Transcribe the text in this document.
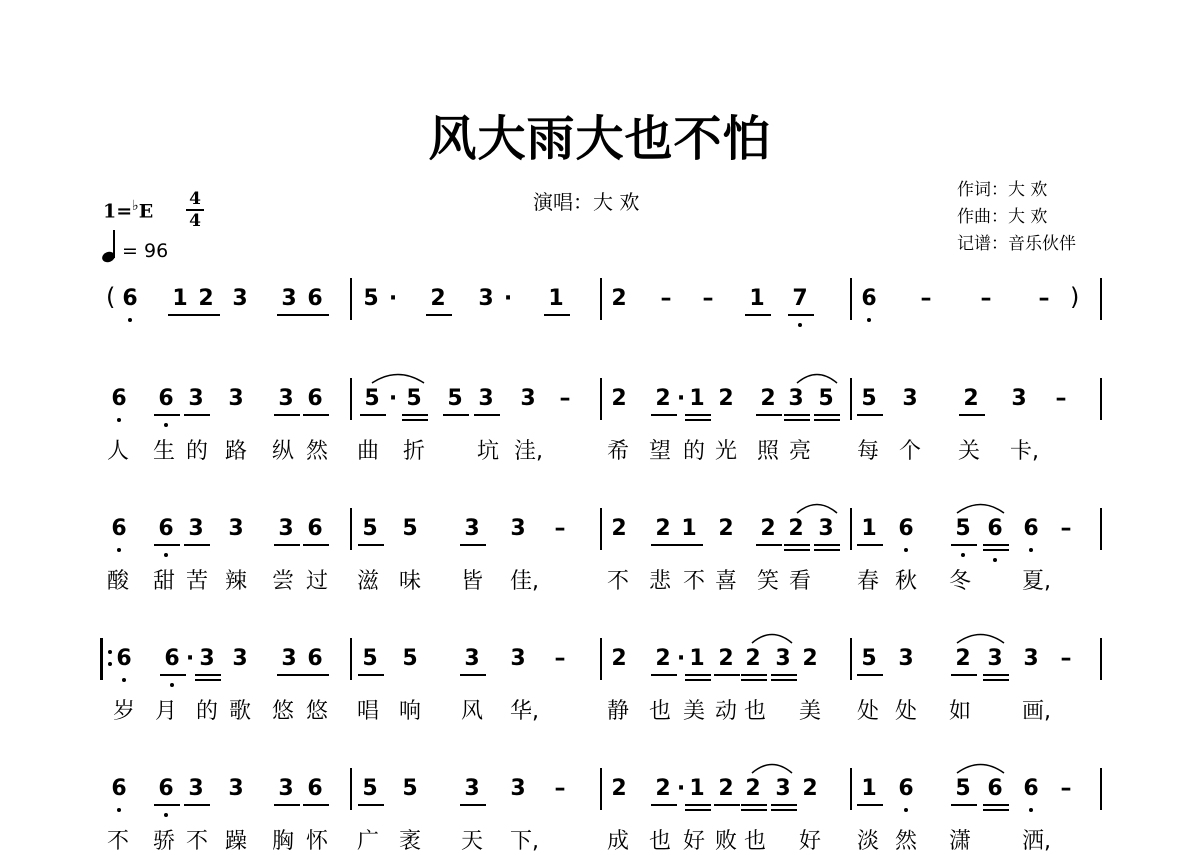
风大雨大也不怕
演唱：大 欢	作词：大 欢
作曲：大 欢
记谱：音乐伙伴
1=♭E
4
4
= 96
(	)
6 1 2 3 3 6 5 ·	2 3 ·	1 2 – – 1 7 6 – – –
6 6 3 3 3 6 5 · 5 5 3 3 – 2 2 · 1 2 2 3 5 5 3 2 3 –
人 生 的 路 纵 然 曲 折 坑 洼,	希 望 的 光 照 亮 每 个 关 卡,
6 6 3 3 3 6 5 5 3 3 – 2 2 1 2 2 2 3 1 6 5 6 6 –
酸 甜 苦 辣 尝 过 滋 味 皆 佳,	不 悲 不 喜 笑 看 春 秋 冬 夏,
6 6 · 3 3 3 6 5 5 3 3 – 2 2 · 1 2 2 3 2 5 3 2 3 3 –
岁 月 的 歌 悠 悠 唱 响 风 华,	静 也 美 动 也 美 处 处 如 画,
6 6 3 3 3 6 5 5 3 3 – 2 2 · 1 2 2 3 2 1 6 5 6 6 –
不 骄 不 躁 胸 怀 广 袤 天 下,	成 也 好 败 也 好 淡 然 潇 洒,
